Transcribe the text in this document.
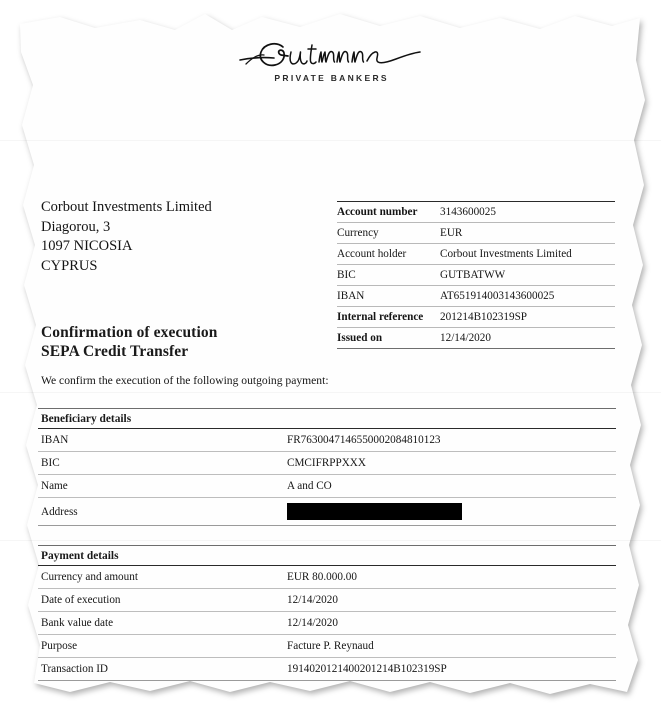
PRIVATE BANKERS
Corbout Investments Limited
Diagorou, 3
1097 NICOSIA
CYPRUS
Account number	3143600025
Currency	EUR
Account holder	Corbout Investments Limited
BIC	GUTBATWW
IBAN	AT651914003143600025
Internal reference	201214B102319SP
Issued on	12/14/2020
Confirmation of execution
SEPA Credit Transfer
We confirm the execution of the following outgoing payment:
Beneficiary details
IBAN	FR7630047146550002084810123
BIC	CMCIFRPPXXX
Name	A and CO
Address	
Payment details
Currency and amount	EUR 80.000.00
Date of execution	12/14/2020
Bank value date	12/14/2020
Purpose	Facture P. Reynaud
Transaction ID	1914020121400201214B102319SP
